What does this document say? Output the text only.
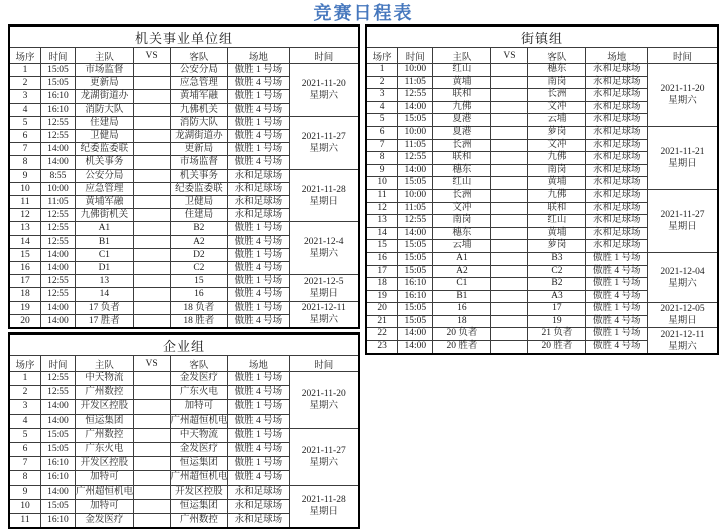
竞赛日程表
机关事业单位组						
场序	时间	主队	VS	客队	场地	时间
1	15:05	市场监督		公安分局	傲胜 1 号场	2021-11-20
星期六

2	15:05	更新局		应急管理	傲胜 4 号场	
3	16:10	龙湖街道办		黄埔军融	傲胜 1 号场	
4	16:10	消防大队		九佛机关	傲胜 4 号场	
5	12:55	住建局		消防大队	傲胜 1 号场	2021-11-27
星期六

6	12:55	卫健局		龙湖街道办	傲胜 4 号场	
7	14:00	纪委监委联		更新局	傲胜 1 号场	
8	14:00	机关事务		市场监督	傲胜 4 号场	
9	8:55	公安分局		机关事务	永和足球场	2021-11-28
星期日

10	10:00	应急管理		纪委监委联	永和足球场	
11	11:05	黄埔军融		卫健局	永和足球场	
12	12:55	九佛街机关		住建局	永和足球场	
13	12:55	A1		B2	傲胜 1 号场	2021-12-4
星期六

14	12:55	B1		A2	傲胜 4 号场	
15	14:00	C1		D2	傲胜 1 号场	
16	14:00	D1		C2	傲胜 4 号场	
17	12:55	13		15	傲胜 1 号场	2021-12-5
星期日

18	12:55	14		16	傲胜 4 号场	
19	14:00	17 负者		18 负者	傲胜 1 号场	2021-12-11
星期六

20	14:00	17 胜者		18 胜者	傲胜 4 号场	
企业组						
场序	时间	主队	VS	客队	场地	时间
1	12:55	中天物流		金发医疗	傲胜 1 号场	2021-11-20
星期六

2	12:55	广州数控		广东火电	傲胜 4 号场	
3	14:00	开发区控股		加特可	傲胜 1 号场	
4	14:00	恒运集团		广州超恒机电	傲胜 4 号场	
5	15:05	广州数控		中天物流	傲胜 1 号场	2021-11-27
星期六

6	15:05	广东火电		金发医疗	傲胜 4 号场	
7	16:10	开发区控股		恒运集团	傲胜 1 号场	
8	16:10	加特可		广州超恒机电	傲胜 4 号场	
9	14:00	广州超恒机电		开发区控股	永和足球场	2021-11-28
星期日

10	15:05	加特可		恒运集团	永和足球场	
11	16:10	金发医疗		广州数控	永和足球场	
街镇组						
场序	时间	主队	VS	客队	场地	时间
1	10:00	红山		穗东	永和足球场	2021-11-20
星期六

2	11:05	黄埔		南岗	永和足球场	
3	12:55	联和		长洲	永和足球场	
4	14:00	九佛		文冲	永和足球场	
5	15:05	夏港		云埔	永和足球场	
6	10:00	夏港		萝岗	永和足球场	2021-11-21
星期日

7	11:05	长洲		文冲	永和足球场	
8	12:55	联和		九佛	永和足球场	
9	14:00	穗东		南岗	永和足球场	
10	15:05	红山		黄埔	永和足球场	
11	10:00	长洲		九佛	永和足球场	2021-11-27
星期日

12	11:05	文冲		联和	永和足球场	
13	12:55	南岗		红山	永和足球场	
14	14:00	穗东		黄埔	永和足球场	
15	15:05	云埔		萝岗	永和足球场	
16	15:05	A1		B3	傲胜 1 号场	2021-12-04
星期六

17	15:05	A2		C2	傲胜 4 号场	
18	16:10	C1		B2	傲胜 1 号场	
19	16:10	B1		A3	傲胜 4 号场	
20	15:05	16		17	傲胜 1 号场	2021-12-05
星期日

21	15:05	18		19	傲胜 4 号场	
22	14:00	20 负者		21 负者	傲胜 1 号场	2021-12-11
星期六

23	14:00	20 胜者		20 胜者	傲胜 4 号场	
